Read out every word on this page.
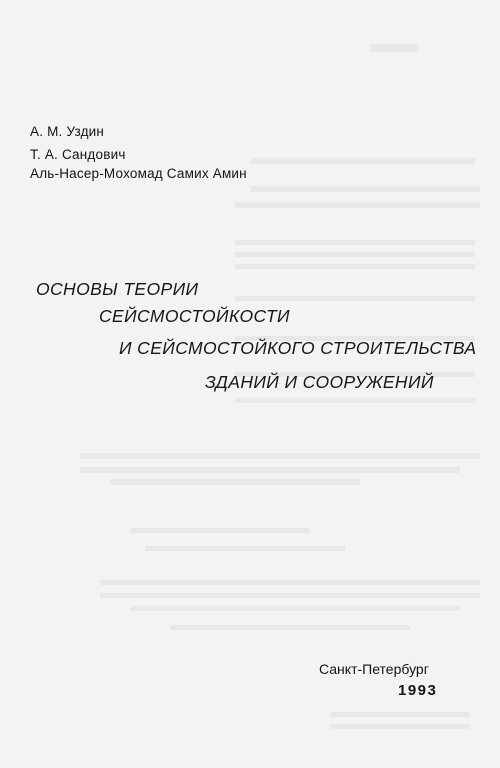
А. М. Уздин
Т. А. Сандович
Аль-Насер-Мохомад Самих Амин
ОСНОВЫ ТЕОРИИ
СЕЙСМОСТОЙКОСТИ
И СЕЙСМОСТОЙКОГО СТРОИТЕЛЬСТВА
ЗДАНИЙ И СООРУЖЕНИЙ
Санкт-Петербург
1993
